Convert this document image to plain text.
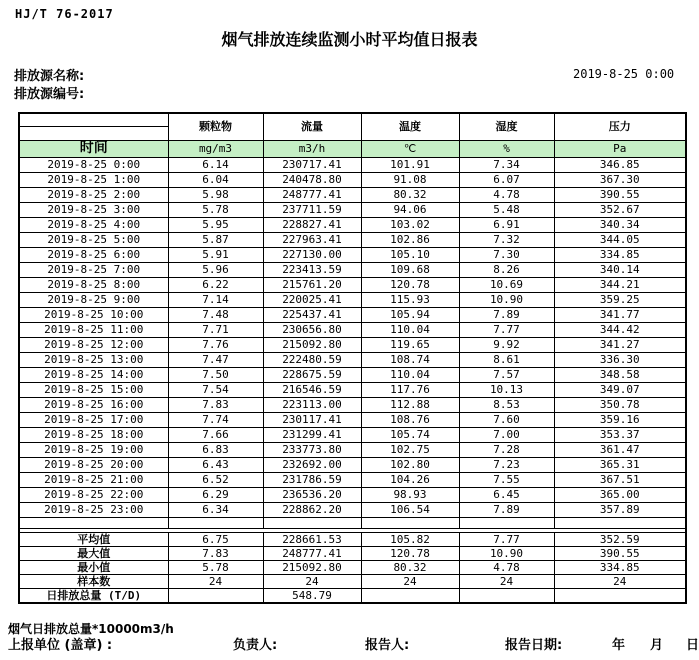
HJ/T 76-2017
烟气排放连续监测小时平均值日报表
排放源名称:	2019-8-25 0:00
排放源编号:
	颗粒物	流量	温度	湿度	压力

时间	mg/m3	m3/h	℃	%	Pa
2019-8-25 0:00	6.14	230717.41	101.91	7.34	346.85
2019-8-25 1:00	6.04	240478.80	91.08	6.07	367.30
2019-8-25 2:00	5.98	248777.41	80.32	4.78	390.55
2019-8-25 3:00	5.78	237711.59	94.06	5.48	352.67
2019-8-25 4:00	5.95	228827.41	103.02	6.91	340.34
2019-8-25 5:00	5.87	227963.41	102.86	7.32	344.05
2019-8-25 6:00	5.91	227130.00	105.10	7.30	334.85
2019-8-25 7:00	5.96	223413.59	109.68	8.26	340.14
2019-8-25 8:00	6.22	215761.20	120.78	10.69	344.21
2019-8-25 9:00	7.14	220025.41	115.93	10.90	359.25
2019-8-25 10:00	7.48	225437.41	105.94	7.89	341.77
2019-8-25 11:00	7.71	230656.80	110.04	7.77	344.42
2019-8-25 12:00	7.76	215092.80	119.65	9.92	341.27
2019-8-25 13:00	7.47	222480.59	108.74	8.61	336.30
2019-8-25 14:00	7.50	228675.59	110.04	7.57	348.58
2019-8-25 15:00	7.54	216546.59	117.76	10.13	349.07
2019-8-25 16:00	7.83	223113.00	112.88	8.53	350.78
2019-8-25 17:00	7.74	230117.41	108.76	7.60	359.16
2019-8-25 18:00	7.66	231299.41	105.74	7.00	353.37
2019-8-25 19:00	6.83	233773.80	102.75	7.28	361.47
2019-8-25 20:00	6.43	232692.00	102.80	7.23	365.31
2019-8-25 21:00	6.52	231786.59	104.26	7.55	367.51
2019-8-25 22:00	6.29	236536.20	98.93	6.45	365.00
2019-8-25 23:00	6.34	228862.20	106.54	7.89	357.89

平均值	6.75	228661.53	105.82	7.77	352.59
最大值	7.83	248777.41	120.78	10.90	390.55
最小值	5.78	215092.80	80.32	4.78	334.85
样本数	24	24	24	24	24
日排放总量 (T/D)		548.79			
烟气日排放总量*10000m3/h
上报单位 (盖章) :	负责人:	报告人:	报告日期:	年 月 日
